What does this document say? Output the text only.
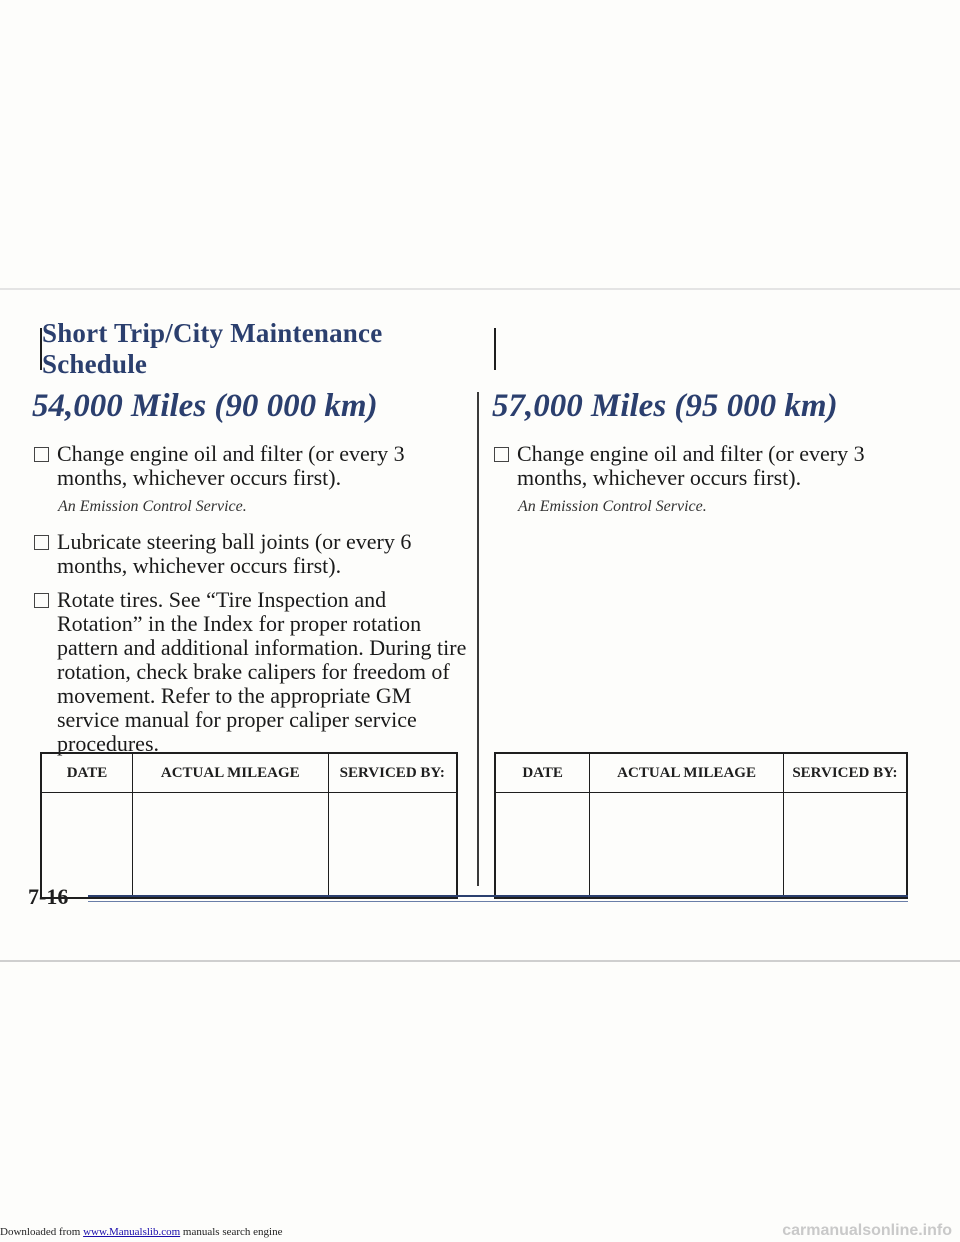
Short Trip/City Maintenance Schedule
54,000 Miles (90 000 km)
Change engine oil and filter (or every 3 months, whichever occurs first).
An Emission Control Service.
Lubricate steering ball joints (or every 6 months, whichever occurs first).
Rotate tires. See “Tire Inspection and Rotation” in the Index for proper rotation pattern and additional information. During tire rotation, check brake calipers for freedom of movement. Refer to the appropriate GM service manual for proper caliper service procedures.
57,000 Miles (95 000 km)
Change engine oil and filter (or every 3 months, whichever occurs first).
An Emission Control Service.
DATE	ACTUAL MILEAGE	SERVICED BY:
			DATE	ACTUAL MILEAGE	SERVICED BY:

7-16
Downloaded from www.Manualslib.com manuals search engine	carmanualsonline.info
